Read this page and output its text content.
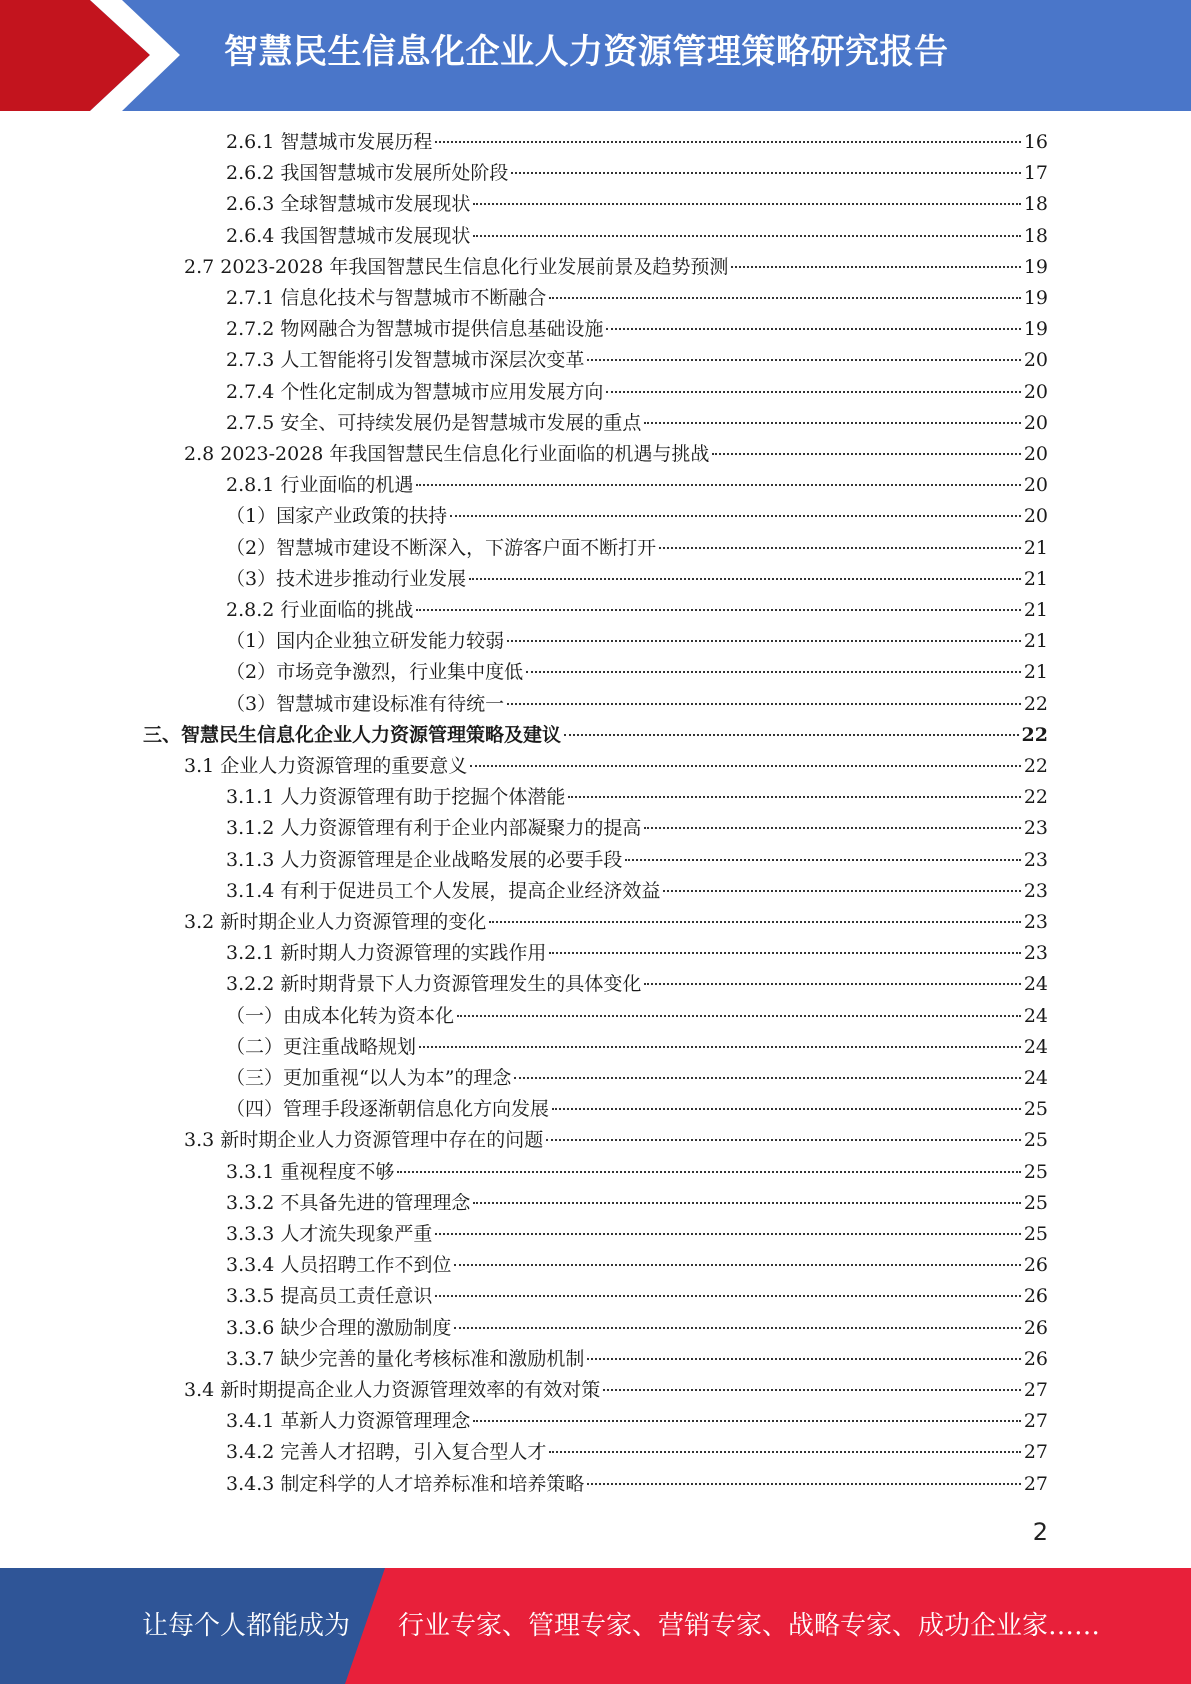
智慧民生信息化企业人力资源管理策略研究报告
2.6.1 智慧城市发展历程	16
2.6.2 我国智慧城市发展所处阶段	17
2.6.3 全球智慧城市发展现状	18
2.6.4 我国智慧城市发展现状	18
2.7 2023-2028 年我国智慧民生信息化行业发展前景及趋势预测	19
2.7.1 信息化技术与智慧城市不断融合	19
2.7.2 物网融合为智慧城市提供信息基础设施	19
2.7.3 人工智能将引发智慧城市深层次变革	20
2.7.4 个性化定制成为智慧城市应用发展方向	20
2.7.5 安全、可持续发展仍是智慧城市发展的重点	20
2.8 2023-2028 年我国智慧民生信息化行业面临的机遇与挑战	20
2.8.1 行业面临的机遇	20
（1）国家产业政策的扶持	20
（2）智慧城市建设不断深入，下游客户面不断打开	21
（3）技术进步推动行业发展	21
2.8.2 行业面临的挑战	21
（1）国内企业独立研发能力较弱	21
（2）市场竞争激烈，行业集中度低	21
（3）智慧城市建设标准有待统一	22
三、智慧民生信息化企业人力资源管理策略及建议	22
3.1 企业人力资源管理的重要意义	22
3.1.1 人力资源管理有助于挖掘个体潜能	22
3.1.2 人力资源管理有利于企业内部凝聚力的提高	23
3.1.3 人力资源管理是企业战略发展的必要手段	23
3.1.4 有利于促进员工个人发展，提高企业经济效益	23
3.2 新时期企业人力资源管理的变化	23
3.2.1 新时期人力资源管理的实践作用	23
3.2.2 新时期背景下人力资源管理发生的具体变化	24
（一）由成本化转为资本化	24
（二）更注重战略规划	24
（三）更加重视“以人为本”的理念	24
（四）管理手段逐渐朝信息化方向发展	25
3.3 新时期企业人力资源管理中存在的问题	25
3.3.1 重视程度不够	25
3.3.2 不具备先进的管理理念	25
3.3.3 人才流失现象严重	25
3.3.4 人员招聘工作不到位	26
3.3.5 提高员工责任意识	26
3.3.6 缺少合理的激励制度	26
3.3.7 缺少完善的量化考核标准和激励机制	26
3.4 新时期提高企业人力资源管理效率的有效对策	27
3.4.1 革新人力资源管理理念	27
3.4.2 完善人才招聘，引入复合型人才	27
3.4.3 制定科学的人才培养标准和培养策略	27
2
让每个人都能成为 行业专家、管理专家、营销专家、战略专家、成功企业家……
